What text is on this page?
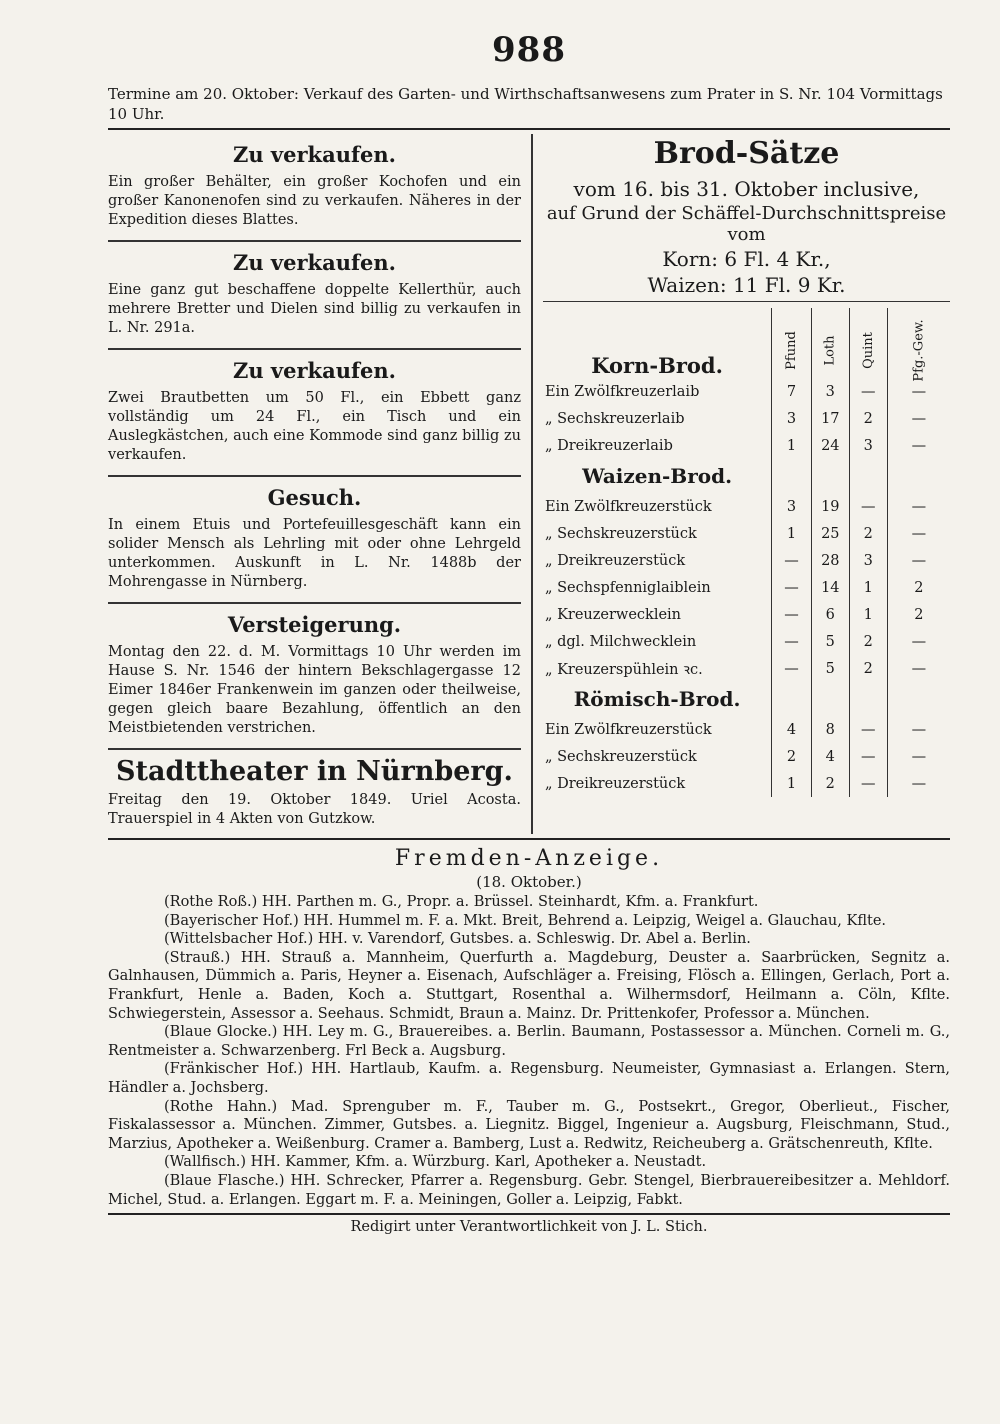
988

Termine am 20. Oktober: Verkauf des Garten- und Wirthschaftsanwesens zum Prater in S. Nr. 104 Vormittags 10 Uhr.

Zu verkaufen.

Ein großer Behälter, ein großer Kochofen und ein großer Kanonenofen sind zu verkaufen. Näheres in der Expedition dieses Blattes.

Zu verkaufen.

Eine ganz gut beschaffene doppelte Kellerthür, auch mehrere Bretter und Dielen sind billig zu verkaufen in L. Nr. 291a.

Zu verkaufen.

Zwei Brautbetten um 50 Fl., ein Ebbett ganz vollständig um 24 Fl., ein Tisch und ein Auslegkästchen, auch eine Kommode sind ganz billig zu verkaufen.

Gesuch.

In einem Etuis und Portefeuillesgeschäft kann ein solider Mensch als Lehrling mit oder ohne Lehrgeld unterkommen. Auskunft in L. Nr. 1488b der Mohrengasse in Nürnberg.

Versteigerung.

Montag den 22. d. M. Vormittags 10 Uhr werden im Hause S. Nr. 1546 der hintern Bekschlagergasse 12 Eimer 1846er Frankenwein im ganzen oder theilweise, gegen gleich baare Bezahlung, öffentlich an den Meistbietenden verstrichen.

Stadttheater in Nürnberg.

Freitag den 19. Oktober 1849. Uriel Acosta. Trauerspiel in 4 Akten von Gutzkow.

Brod-Sätze
vom 16. bis 31. Oktober inclusive,
auf Grund der Schäffel-Durchschnittspreise vom
Korn: 6 Fl. 4 Kr.,
Waizen: 11 Fl. 9 Kr.
Korn-Brod.	Pfund	Loth	Quint	Pfg.-Gew.
Ein Zwölfkreuzerlaib	7	3	—	—
„ Sechskreuzerlaib	3	17	2	—
„ Dreikreuzerlaib	1	24	3	—
Waizen-Brod.				
Ein Zwölfkreuzerstück	3	19	—	—
„ Sechskreuzerstück	1	25	2	—
„ Dreikreuzerstück	—	28	3	—
„ Sechspfenniglaiblein	—	14	1	2
„ Kreuzerwecklein	—	6	1	2
„ dgl. Milchwecklein	—	5	2	—
„ Kreuzerspühlein ꝛc.	—	5	2	—
Römisch-Brod.				
Ein Zwölfkreuzerstück	4	8	—	—
„ Sechskreuzerstück	2	4	—	—
„ Dreikreuzerstück	1	2	—	—
Fremden-Anzeige.
(18. Oktober.)

(Rothe Roß.) HH. Parthen m. G., Propr. a. Brüssel. Steinhardt, Kfm. a. Frankfurt.

(Bayerischer Hof.) HH. Hummel m. F. a. Mkt. Breit, Behrend a. Leipzig, Weigel a. Glauchau, Kflte.

(Wittelsbacher Hof.) HH. v. Varendorf, Gutsbes. a. Schleswig. Dr. Abel a. Berlin.

(Strauß.) HH. Strauß a. Mannheim, Querfurth a. Magdeburg, Deuster a. Saarbrücken, Segnitz a. Galnhausen, Dümmich a. Paris, Heyner a. Eisenach, Aufschläger a. Freising, Flösch a. Ellingen, Gerlach, Port a. Frankfurt, Henle a. Baden, Koch a. Stuttgart, Rosenthal a. Wilhermsdorf, Heilmann a. Cöln, Kflte. Schwiegerstein, Assessor a. Seehaus. Schmidt, Braun a. Mainz. Dr. Prittenkofer, Professor a. München.

(Blaue Glocke.) HH. Ley m. G., Brauereibes. a. Berlin. Baumann, Postassessor a. München. Corneli m. G., Rentmeister a. Schwarzenberg. Frl Beck a. Augsburg.

(Fränkischer Hof.) HH. Hartlaub, Kaufm. a. Regensburg. Neumeister, Gymnasiast a. Erlangen. Stern, Händler a. Jochsberg.

(Rothe Hahn.) Mad. Sprenguber m. F., Tauber m. G., Postsekrt., Gregor, Oberlieut., Fischer, Fiskalassessor a. München. Zimmer, Gutsbes. a. Liegnitz. Biggel, Ingenieur a. Augsburg, Fleischmann, Stud., Marzius, Apotheker a. Weißenburg. Cramer a. Bamberg, Lust a. Redwitz, Reicheuberg a. Grätschenreuth, Kflte.

(Wallfisch.) HH. Kammer, Kfm. a. Würzburg. Karl, Apotheker a. Neustadt.

(Blaue Flasche.) HH. Schrecker, Pfarrer a. Regensburg. Gebr. Stengel, Bierbrauereibesitzer a. Mehldorf. Michel, Stud. a. Erlangen. Eggart m. F. a. Meiningen, Goller a. Leipzig, Fabkt.

Redigirt unter Verantwortlichkeit von J. L. Stich.
